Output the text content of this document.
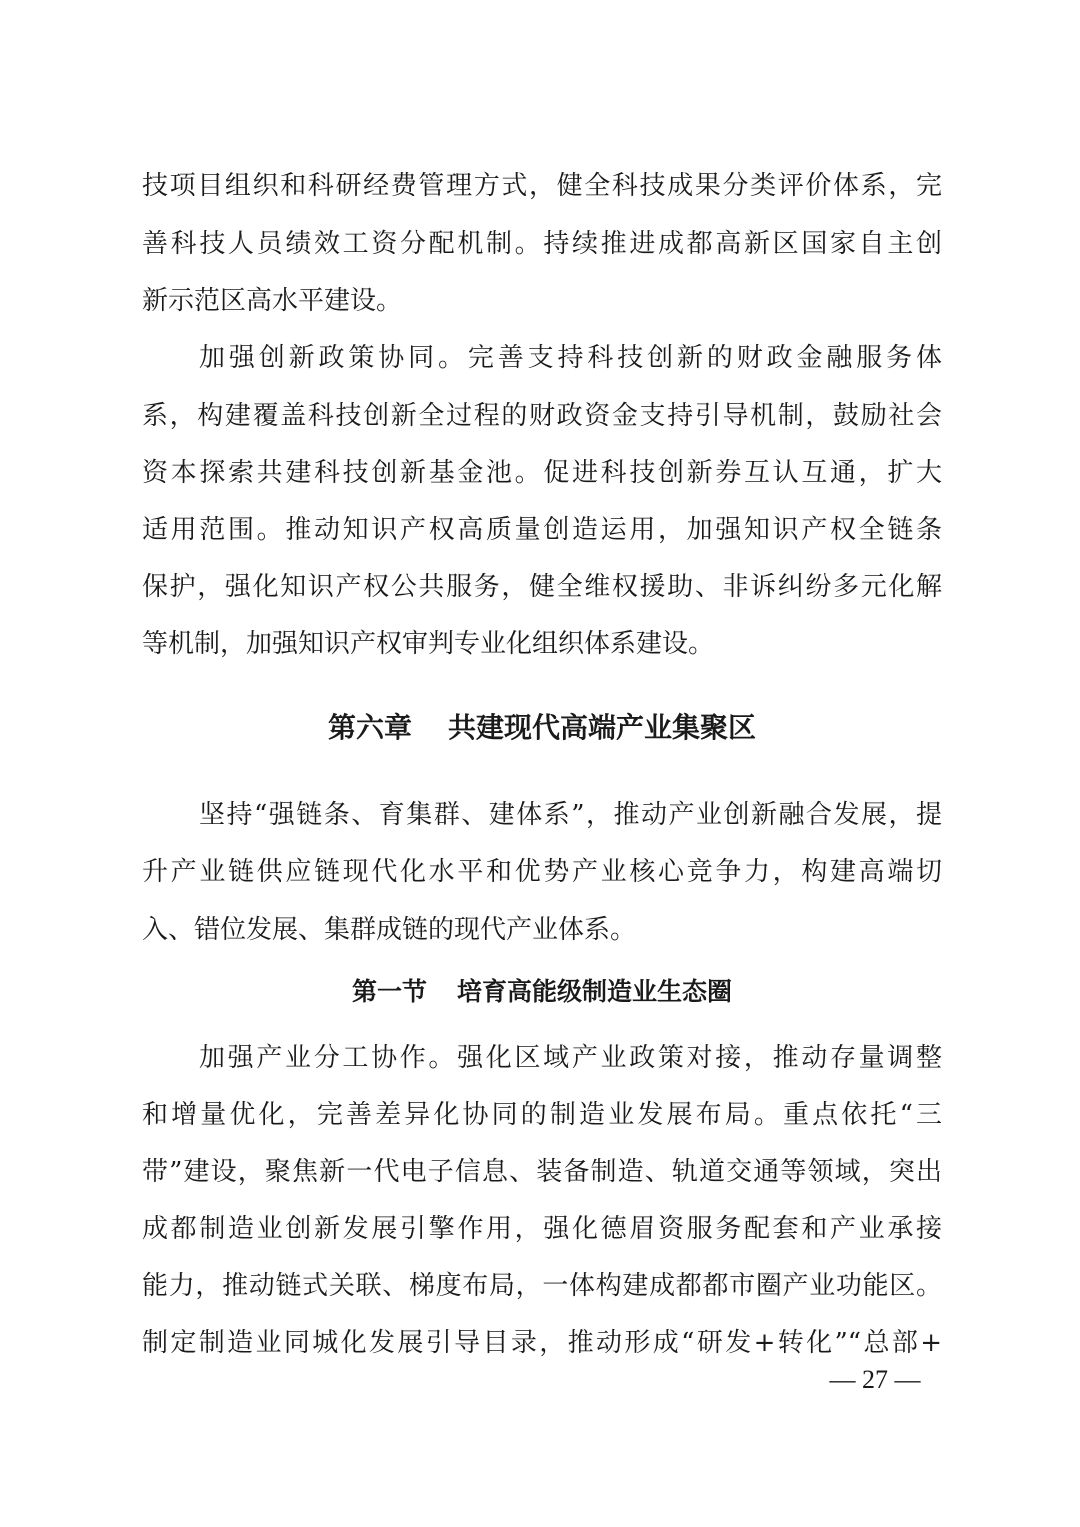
技项目组织和科研经费管理方式，健全科技成果分类评价体系，完
善科技人员绩效工资分配机制。持续推进成都高新区国家自主创
新示范区高水平建设。
加强创新政策协同。完善支持科技创新的财政金融服务体
系，构建覆盖科技创新全过程的财政资金支持引导机制，鼓励社会
资本探索共建科技创新基金池。促进科技创新券互认互通，扩大
适用范围。推动知识产权高质量创造运用，加强知识产权全链条
保护，强化知识产权公共服务，健全维权援助、非诉纠纷多元化解
等机制，加强知识产权审判专业化组织体系建设。
第六章 共建现代高端产业集聚区
坚持“强链条、育集群、建体系”，推动产业创新融合发展，提
升产业链供应链现代化水平和优势产业核心竞争力，构建高端切
入、错位发展、集群成链的现代产业体系。
第一节 培育高能级制造业生态圈
加强产业分工协作。强化区域产业政策对接，推动存量调整
和增量优化，完善差异化协同的制造业发展布局。重点依托“三
带”建设，聚焦新一代电子信息、装备制造、轨道交通等领域，突出
成都制造业创新发展引擎作用，强化德眉资服务配套和产业承接
能力，推动链式关联、梯度布局，一体构建成都都市圈产业功能区。
制定制造业同城化发展引导目录，推动形成“研发+转化”“总部+
— 27 —
